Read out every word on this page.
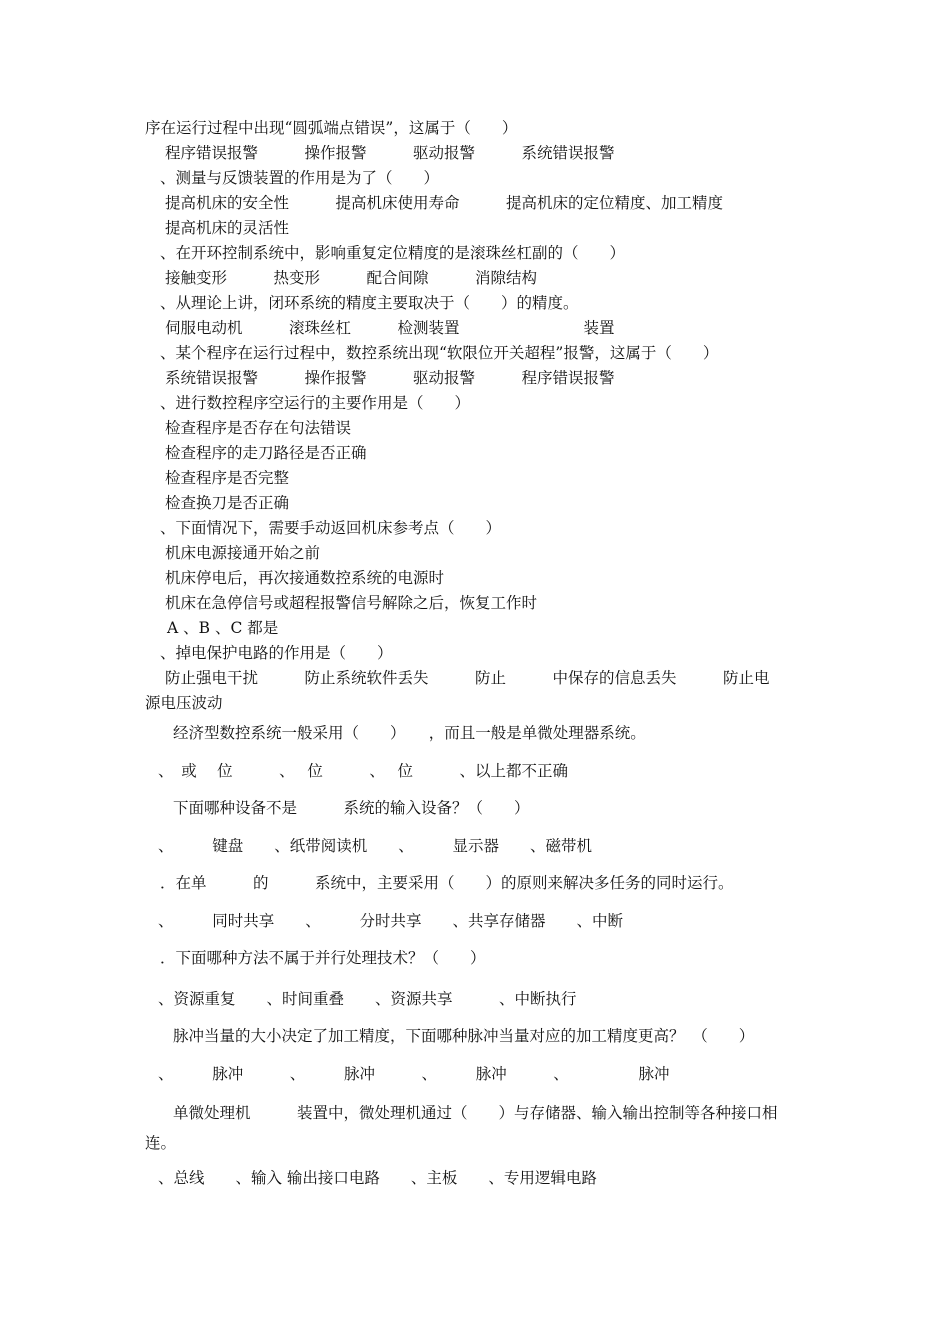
序在运行过程中出现“圆弧端点错误”，这属于（　　）

程序错误报警　　　操作报警　　　驱动报警　　　系统错误报警

、测量与反馈装置的作用是为了（　　）

提高机床的安全性　　　提高机床使用寿命　　　提高机床的定位精度、加工精度

提高机床的灵活性

、在开环控制系统中，影响重复定位精度的是滚珠丝杠副的（　　）

接触变形　　　热变形　　　配合间隙　　　消隙结构

、从理论上讲，闭环系统的精度主要取决于（　　）的精度。

伺服电动机　　　滚珠丝杠　　　检测装置　　　　　　　　装置

、某个程序在运行过程中，数控系统出现“软限位开关超程”报警，这属于（　　）

系统错误报警　　　操作报警　　　驱动报警　　　程序错误报警

、进行数控程序空运行的主要作用是（　　）

检查程序是否存在句法错误

检查程序的走刀路径是否正确

检查程序是否完整

检查换刀是否正确

、下面情况下，需要手动返回机床参考点（　　）

机床电源接通开始之前

机床停电后，再次接通数控系统的电源时

机床在急停信号或超程报警信号解除之后，恢复工作时

A 、B 、C 都是

、掉电保护电路的作用是（　　）

防止强电干扰　　　防止系统软件丢失　　　防止　　　中保存的信息丢失　　　防止电

源电压波动

经济型数控系统一般采用（　　）　　，而且一般是单微处理器系统。

、　或　 位　　　、　 位　　　、　 位　　　、以上都不正确

下面哪种设备不是　　　系统的输入设备？（　　）

、　　　键盘　　、纸带阅读机　　、　　　显示器　　、磁带机

．在单　　　的　　　系统中，主要采用（　　）的原则来解决多任务的同时运行。

、　　　同时共享　　、　　　分时共享　　、共享存储器　　、中断

．下面哪种方法不属于并行处理技术？（　　）

、资源重复　　、时间重叠　　、资源共享　　　、中断执行

脉冲当量的大小决定了加工精度，下面哪种脉冲当量对应的加工精度更高？　（　　）

、　　　脉冲　　　、　　　脉冲　　　、　　　脉冲　　　、　　　　　脉冲

单微处理机　　　装置中，微处理机通过（　　）与存储器、输入输出控制等各种接口相

连。

、总线　　、输入 输出接口电路　　、主板　　、专用逻辑电路
